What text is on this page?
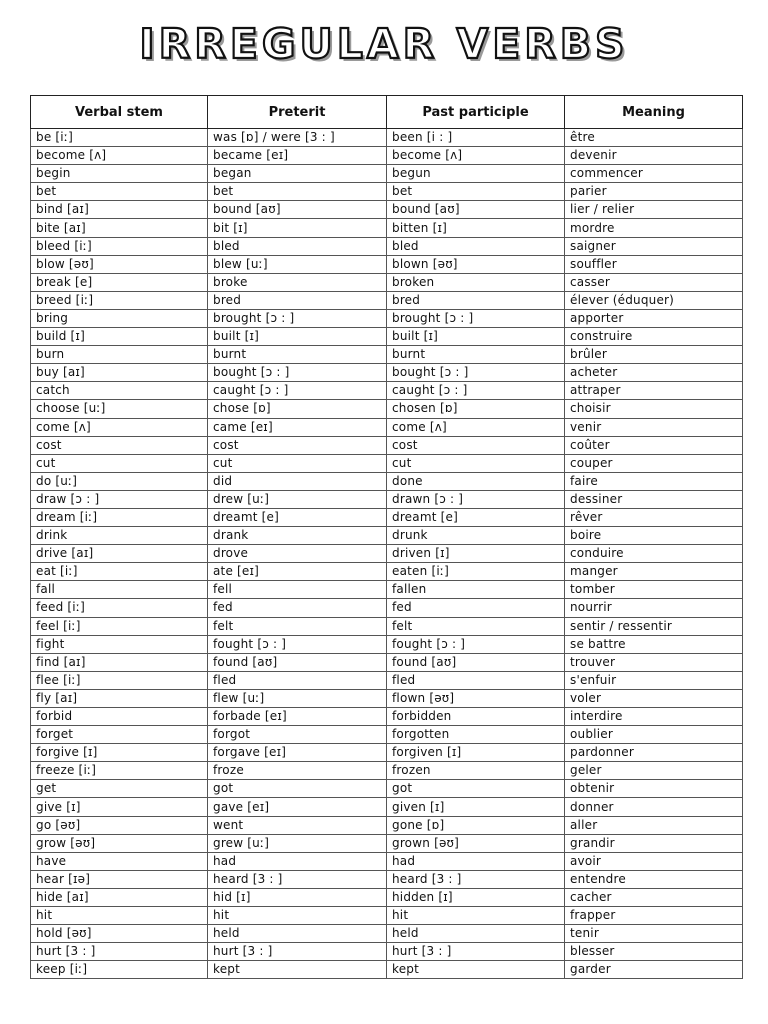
IRREGULAR VERBS
Verbal stem	Preterit	Past participle	Meaning
be [iː]	was [ɒ] / were [3 : ]	been [i : ]	être
become [ʌ]	became [eɪ]	become [ʌ]	devenir
begin	began	begun	commencer
bet	bet	bet	parier
bind [aɪ]	bound [aʊ]	bound [aʊ]	lier / relier
bite [aɪ]	bit [ɪ]	bitten [ɪ]	mordre
bleed [iː]	bled	bled	saigner
blow [əʊ]	blew [uː]	blown [əʊ]	souffler
break [e]	broke	broken	casser
breed [iː]	bred	bred	élever (éduquer)
bring	brought [ɔ : ]	brought [ɔ : ]	apporter
build [ɪ]	built [ɪ]	built [ɪ]	construire
burn	burnt	burnt	brûler
buy [aɪ]	bought [ɔ : ]	bought [ɔ : ]	acheter
catch	caught [ɔ : ]	caught [ɔ : ]	attraper
choose [uː]	chose [ɒ]	chosen [ɒ]	choisir
come [ʌ]	came [eɪ]	come [ʌ]	venir
cost	cost	cost	coûter
cut	cut	cut	couper
do [uː]	did	done	faire
draw [ɔ : ]	drew [uː]	drawn [ɔ : ]	dessiner
dream [iː]	dreamt [e]	dreamt [e]	rêver
drink	drank	drunk	boire
drive [aɪ]	drove	driven [ɪ]	conduire
eat [iː]	ate [eɪ]	eaten [iː]	manger
fall	fell	fallen	tomber
feed [iː]	fed	fed	nourrir
feel [iː]	felt	felt	sentir / ressentir
fight	fought [ɔ : ]	fought [ɔ : ]	se battre
find [aɪ]	found [aʊ]	found [aʊ]	trouver
flee [iː]	fled	fled	s'enfuir
fly [aɪ]	flew [uː]	flown [əʊ]	voler
forbid	forbade [eɪ]	forbidden	interdire
forget	forgot	forgotten	oublier
forgive [ɪ]	forgave [eɪ]	forgiven [ɪ]	pardonner
freeze [iː]	froze	frozen	geler
get	got	got	obtenir
give [ɪ]	gave [eɪ]	given [ɪ]	donner
go [əʊ]	went	gone [ɒ]	aller
grow [əʊ]	grew [uː]	grown [əʊ]	grandir
have	had	had	avoir
hear [ɪə]	heard [3 : ]	heard [3 : ]	entendre
hide [aɪ]	hid [ɪ]	hidden [ɪ]	cacher
hit	hit	hit	frapper
hold [əʊ]	held	held	tenir
hurt [3 : ]	hurt [3 : ]	hurt [3 : ]	blesser
keep [iː]	kept	kept	garder
